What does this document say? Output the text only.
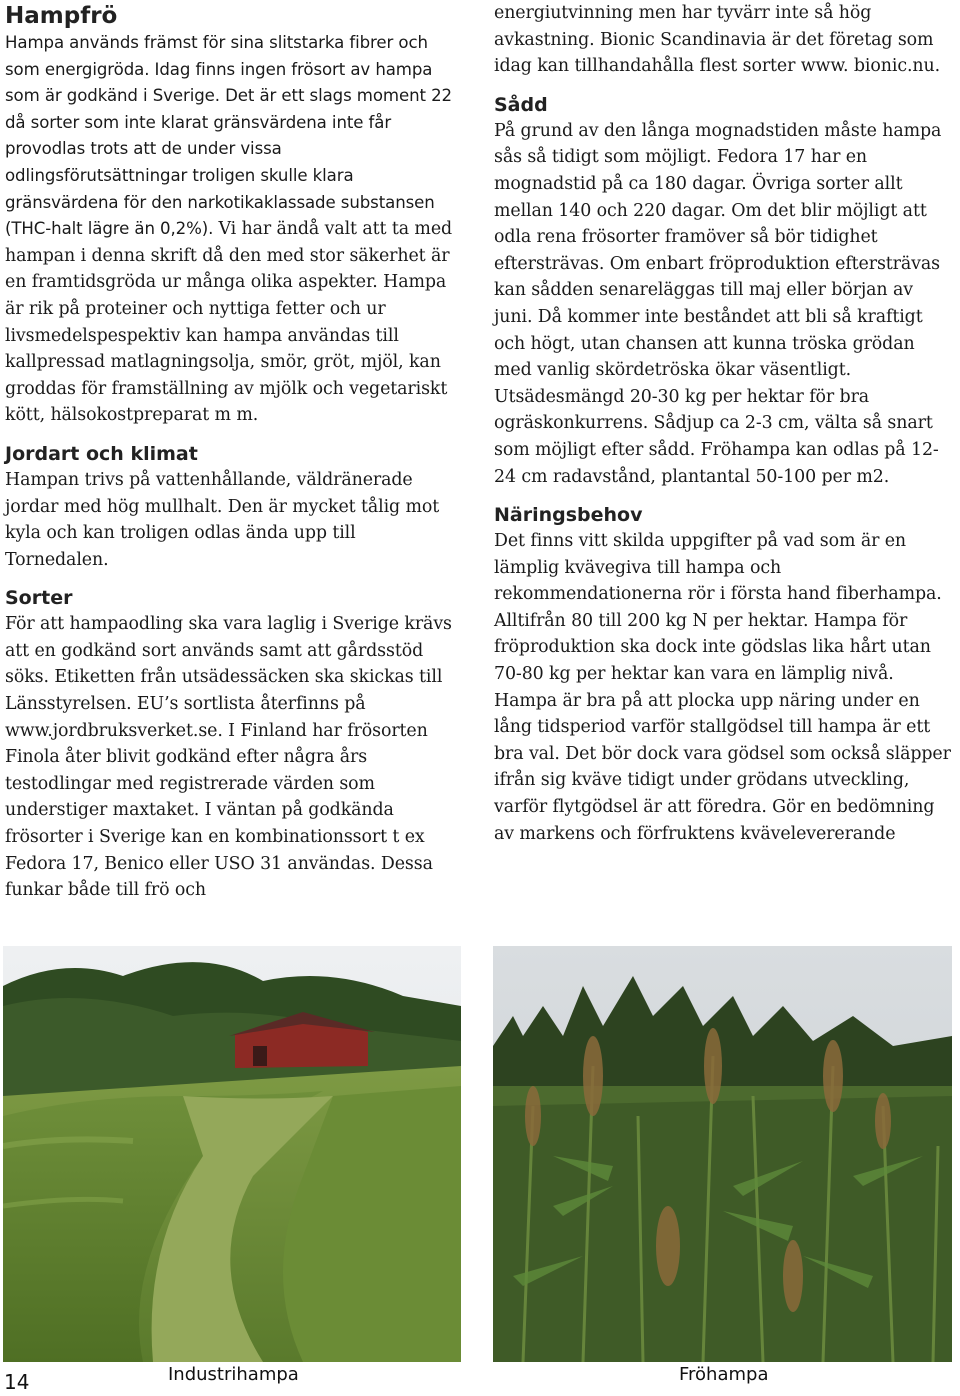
Hampfrö

Hampa används främst för sina slitstarka fibrer och som energigröda. Idag finns ingen frösort av hampa som är godkänd i Sverige. Det är ett slags moment 22 då sorter som inte klarat gränsvärdena inte får provodlas trots att de under vissa odlingsförutsättningar troligen skulle klara gränsvärdena för den narkotikaklassade substansen (THC-halt lägre än 0,2%).

Vi har ändå valt att ta med hampan i denna skrift då den med stor säkerhet är en framtidsgröda ur många olika aspekter. Hampa är rik på proteiner och nyttiga fetter och ur livsmedelspespektiv kan hampa användas till kallpressad matlagningsolja, smör, gröt, mjöl, kan groddas för framställning av mjölk och vegetariskt kött, hälsokostpreparat m m.

Jordart och klimat

Hampan trivs på vattenhållande, väldränerade jordar med hög mullhalt. Den är mycket tålig mot kyla och kan troligen odlas ända upp till Tornedalen.

Sorter

För att hampaodling ska vara laglig i Sverige krävs att en godkänd sort används samt att gårdsstöd söks. Etiketten från utsädessäcken ska skickas till Länsstyrelsen. EU’s sortlista återfinns på www.jordbruksverket.se. I Finland har frösorten Finola åter blivit godkänd efter några års testodlingar med registrerade värden som understiger maxtaket. I väntan på godkända frösorter i Sverige kan en kombinationssort t ex Fedora 17, Benico eller USO 31 användas. Dessa funkar både till frö och

energiutvinning men har tyvärr inte så hög avkastning. Bionic Scandinavia är det företag som idag kan tillhandahålla flest sorter www. bionic.nu.

Sådd

På grund av den långa mognadstiden måste hampa sås så tidigt som möjligt. Fedora 17 har en mognadstid på ca 180 dagar. Övriga sorter allt mellan 140 och 220 dagar. Om det blir möjligt att odla rena frösorter framöver så bör tidighet eftersträvas. Om enbart fröproduktion eftersträvas kan sådden senareläggas till maj eller början av juni. Då kommer inte beståndet att bli så kraftigt och högt, utan chansen att kunna tröska grödan med vanlig skördetröska ökar väsentligt. Utsädesmängd 20-30 kg per hektar för bra ogräskonkurrens. Sådjup ca 2-3 cm, välta så snart som möjligt efter sådd. Fröhampa kan odlas på 12-24 cm radavstånd, plantantal 50-100 per m2.

Näringsbehov

Det finns vitt skilda uppgifter på vad som är en lämplig kvävegiva till hampa och rekommendationerna rör i första hand fiberhampa. Alltifrån 80 till 200 kg N per hektar. Hampa för fröproduktion ska dock inte gödslas lika hårt utan 70-80 kg per hektar kan vara en lämplig nivå. Hampa är bra på att plocka upp näring under en lång tidsperiod varför stallgödsel till hampa är ett bra val. Det bör dock vara gödsel som också släpper ifrån sig kväve tidigt under grödans utveckling, varför flytgödsel är att föredra. Gör en bedömning av markens och förfruktens kvävelevererande

Industrihampa	Fröhampa
14
